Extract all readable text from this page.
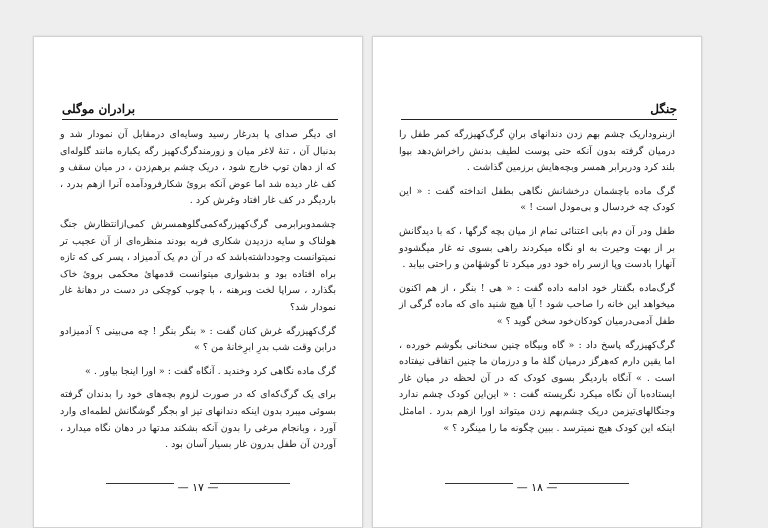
برادران موگلی

ای دیگر صدای پا بدرغار رسید وسایه‌ای درمقابل آن نمودار شد و بدنبال آن ، تنهٔ لاغر میان و زورمندگرگ‌کهیز رگه یکباره مانند گلوله‌ای که از دهان توپ خارج شود ، دریک چشم برهم‌زدن ، در میان سقف و کف غار دیده شد اما عوض آنکه برویٔ شکارفرودآمده آنرا ازهم بدرد ، باردیگر در کف غار افتاد وغرش کرد .

چشمدوبرابرمی گرگ‌کهیزرگه‌کمی‌گلوهمسرش کمی‌ازانتظارش جنگ هولناک و سایه دزدیدن شکاری فربه بودند منظره‌ای از آن عجیب تر نمیتوانست وجودداشته‌باشد که در آن دم یک آدمیزاد ، پسر کی که تازه براه افتاده بود و بدشواری میتوانست قدمهایٔ محکمی برویٔ خاک بگذارد ، سراپا لخت وبرهنه ، با چوب کوچکی در دست در دهانهٔ غار نمودار شد؟

گرگ‌کهیزرگه غرش کنان گفت : « بنگر بنگر ! چه می‌بینی ؟ آدمیزادو درابن وقت شب بدرِ ابرِخانهٔ من ؟ »

گرگ ماده نگاهی کرد وخندید . آنگاه گفت : « اورا اینجا بیاور . »

برای یک گرگ‌که‌ای که در صورت لزوم بچه‌های خود را بدندان گرفته بسوئی میبرد بدون اینکه دندانهای تیز او بجگر گوشگانش لطمه‌ای وارد آورد ، وبانجام مرغی را بدون آنکه بشکند مدتها در دهان نگاه میدارد ، آوردن آن طفل بدرون غار بسیار آسان بود .

— ۱۷ —
جنگل

ازبنروداریک چشم بهم زدن دندانهای برانِ گرگ‌کهیزرگه کمر طفل را درمیان گرفته بدون آنکه حتی پوست لطیف بدنش راخراش‌دهد بپوا بلند کرد ودربرابر همسر وبچه‌هایش برزمین گذاشت .

گرگ ماده باچشمان درخشانش نگاهی بطفل انداخته گفت : « این کودک چه خردسال و بی‌مودل است ! »

طفل ودر آن دم بابی اعتنائی تمام از میان بچه گرگها ، که با دیدگانش بر از بهت وحیرت به او نگاه میکردند راهی بسوی ته غار میگشودو آنهارا بادست وپا ازسر راه خود دور میکرد تا گوشهٔامن و راحتی بیابد .

گرگ‌ماده بگفتار خود ادامه داده گفت : « هی ! بنگر ، از هم اکنون میخواهد این خانه را صاحب شود ! آیا هیچ شنید ‌ه‌ای که ماده گرگی از طفل آدمی‌درمیان کودکان‌خود سخن گوید ؟ »

گرگ‌کهیزرگه پاسخ داد : « گاه وبیگاه چنین سخنانی بگوشم خورده ، اما یقین دارم که‌هرگز درمیان گلهٔ ما و درزمان ما چنین اتفاقی نیفتاده است . » آنگاه باردیگر بسوی کودک که در آن لحظه در میان غار ایستاده‌با آن نگاه میکرد نگریسته گفت : « این‌این کودک چشم ندارد وجنگالهای‌تیزمن دریک چشم‌بهم زدن میتواند اورا ازهم بدرد . امامثل اینکه این کودک هیچ نمیترسد . ببین چگونه ما را مینگرد ؟ »

— ۱۸ —
